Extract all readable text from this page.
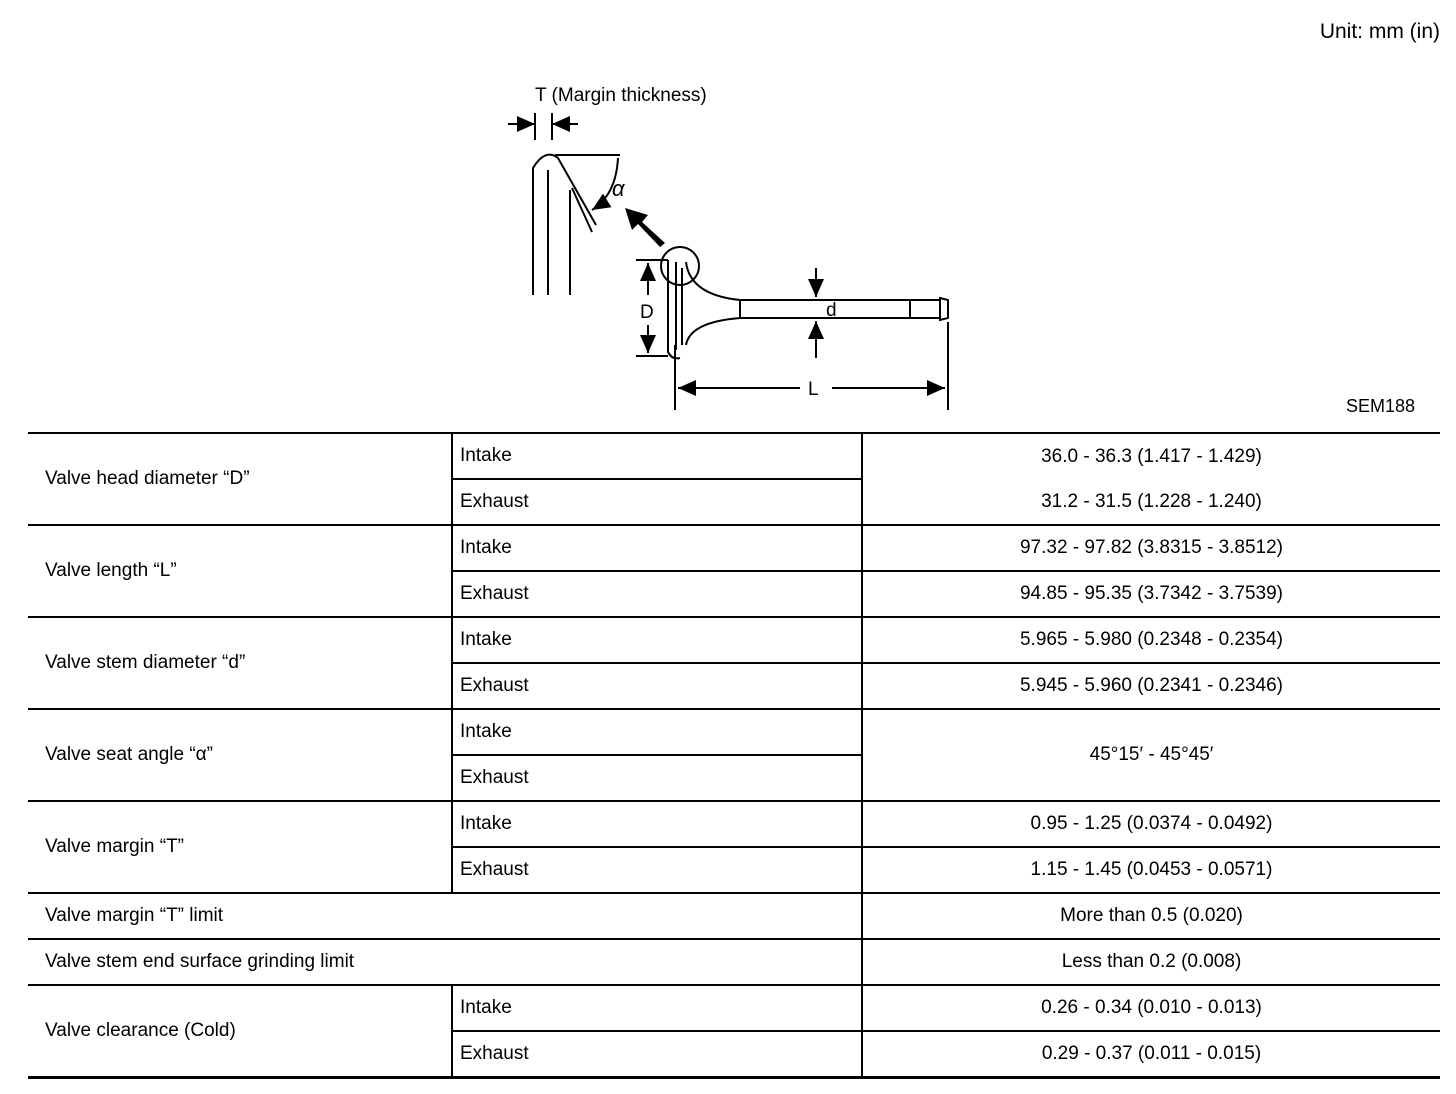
Unit: mm (in)
T (Margin thickness)
α
D	d
L
SEM188
Valve head diameter “D”	Intake	36.0 - 36.3 (1.417 - 1.429)
	Exhaust	31.2 - 31.5 (1.228 - 1.240)
Valve length “L”	Intake	97.32 - 97.82 (3.8315 - 3.8512)
	Exhaust	94.85 - 95.35 (3.7342 - 3.7539)
Valve stem diameter “d”	Intake	5.965 - 5.980 (0.2348 - 0.2354)
	Exhaust	5.945 - 5.960 (0.2341 - 0.2346)
Valve seat angle “α”	Intake	45°15′ - 45°45′
	Exhaust	
Valve margin “T”	Intake	0.95 - 1.25 (0.0374 - 0.0492)
	Exhaust	1.15 - 1.45 (0.0453 - 0.0571)
Valve margin “T” limit		More than 0.5 (0.020)
Valve stem end surface grinding limit		Less than 0.2 (0.008)
Valve clearance (Cold)	Intake	0.26 - 0.34 (0.010 - 0.013)
	Exhaust	0.29 - 0.37 (0.011 - 0.015)
